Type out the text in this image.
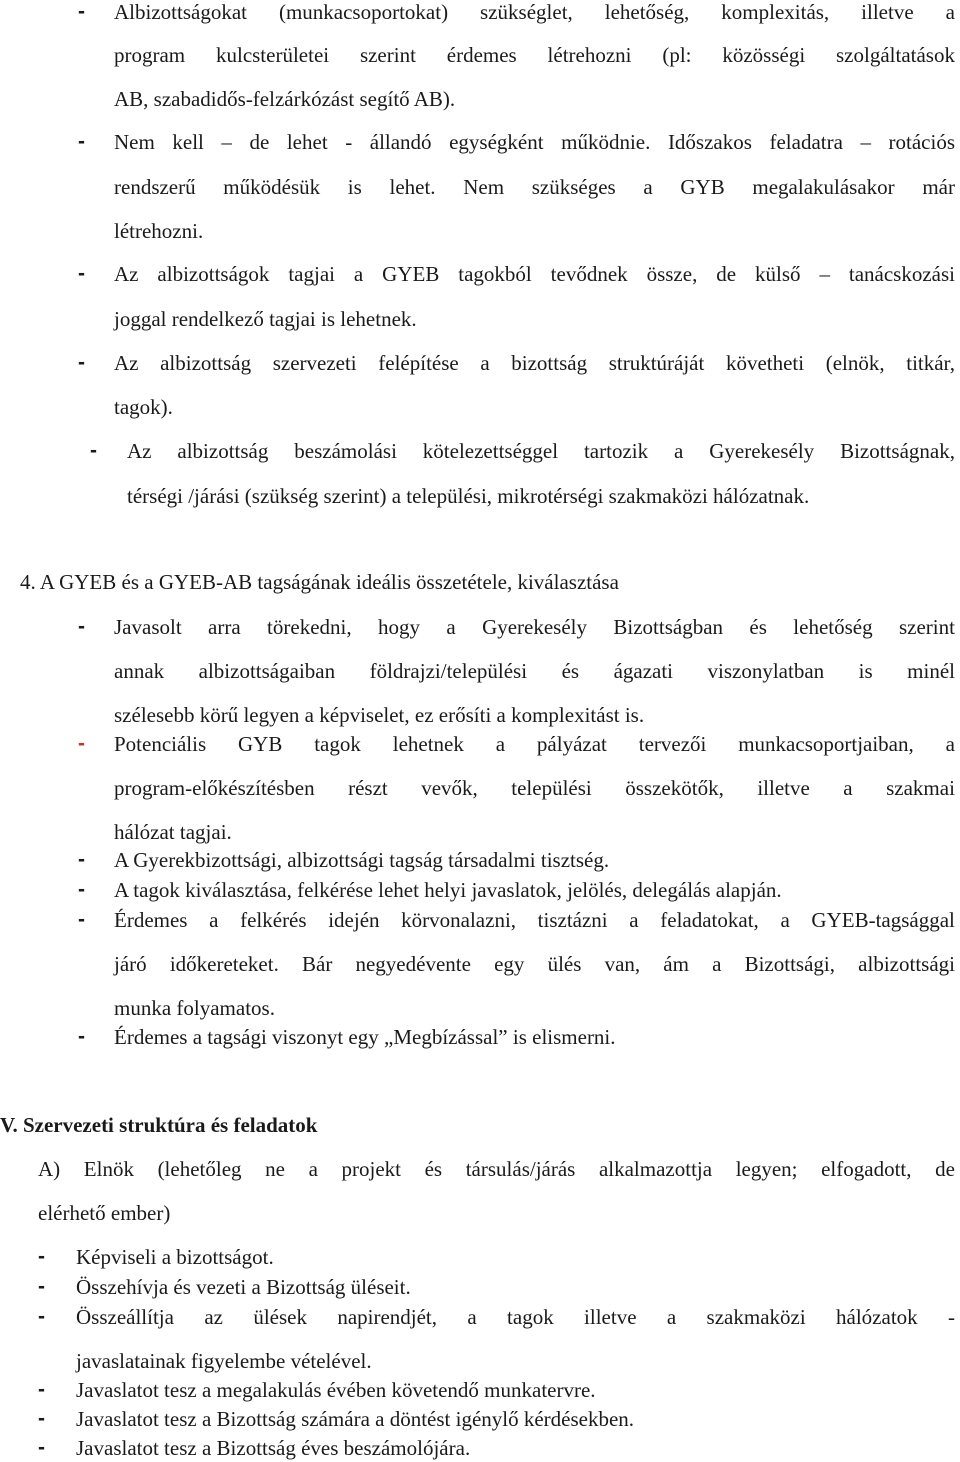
- Albizottságokat (munkacsoportokat) szükséglet, lehetőség, komplexitás, illetve a
program kulcsterületei szerint érdemes létrehozni (pl: közösségi szolgáltatások
AB, szabadidős-felzárkózást segítő AB).
- Nem kell – de lehet - állandó egységként működnie. Időszakos feladatra – rotációs
rendszerű működésük is lehet. Nem szükséges a GYB megalakulásakor már
létrehozni.
- Az albizottságok tagjai a GYEB tagokból tevődnek össze, de külső – tanácskozási
joggal rendelkező tagjai is lehetnek.
- Az albizottság szervezeti felépítése a bizottság struktúráját követheti (elnök, titkár,
tagok).
- Az albizottság beszámolási kötelezettséggel tartozik a Gyerekesély Bizottságnak,
térségi /járási (szükség szerint) a települési, mikrotérségi szakmaközi hálózatnak.
4. A GYEB és a GYEB-AB tagságának ideális összetétele, kiválasztása
- Javasolt arra törekedni, hogy a Gyerekesély Bizottságban és lehetőség szerint
annak albizottságaiban földrajzi/települési és ágazati viszonylatban is minél
szélesebb körű legyen a képviselet, ez erősíti a komplexitást is.
- Potenciális GYB tagok lehetnek a pályázat tervezői munkacsoportjaiban, a
program-előkészítésben részt vevők, települési összekötők, illetve a szakmai
hálózat tagjai.
- A Gyerekbizottsági, albizottsági tagság társadalmi tisztség.
- A tagok kiválasztása, felkérése lehet helyi javaslatok, jelölés, delegálás alapján.
- Érdemes a felkérés idején körvonalazni, tisztázni a feladatokat, a GYEB-tagsággal
járó időkereteket. Bár negyedévente egy ülés van, ám a Bizottsági, albizottsági
munka folyamatos.
- Érdemes a tagsági viszonyt egy „Megbízással” is elismerni.
V. Szervezeti struktúra és feladatok
A) Elnök (lehetőleg ne a projekt és társulás/járás alkalmazottja legyen; elfogadott, de
elérhető ember)
- Képviseli a bizottságot.
- Összehívja és vezeti a Bizottság üléseit.
- Összeállítja az ülések napirendjét, a tagok illetve a szakmaközi hálózatok -
javaslatainak figyelembe vételével.
- Javaslatot tesz a megalakulás évében követendő munkatervre.
- Javaslatot tesz a Bizottság számára a döntést igénylő kérdésekben.
- Javaslatot tesz a Bizottság éves beszámolójára.
